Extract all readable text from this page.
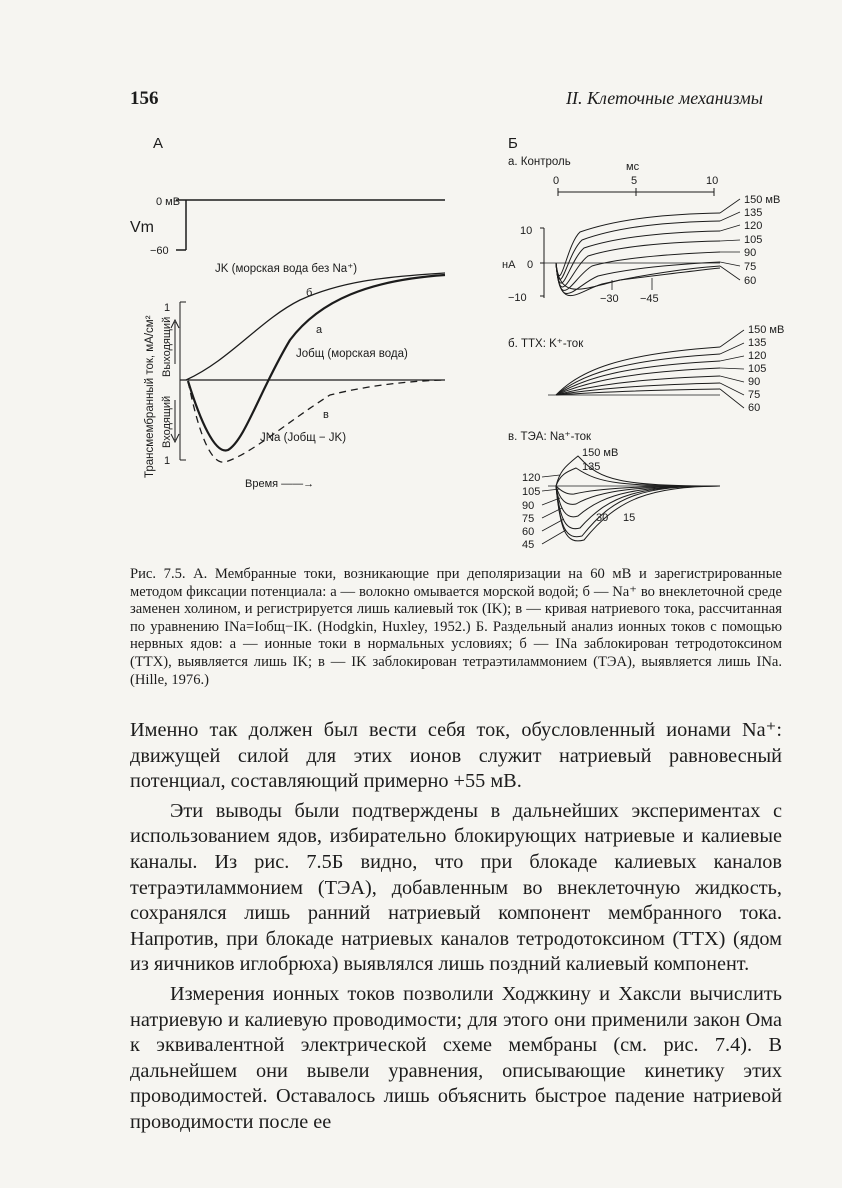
156	II. Клеточные механизмы
А
0 мВ
Vm
−60
Трансмембранный ток, мА/см² Входящий
Выходящий
1
1
JK (морская вода без Na⁺)
б
а
Jобщ (морская вода)
в
JNa (Jобщ − JK)
Время ——→
Б
а. Контроль	мс
0	5	10
10
нА 0
−10	−30 −45
150 мВ
135
120
105
90
75
60
б. TTX: K⁺-ток
150 мВ
135
120
105
90
75
60
в. ТЭА: Na⁺-ток
150 мВ
135
120
105
90
75
60
45
30 15

Рис. 7.5. А. Мембранные токи, возникающие при деполяризации на 60 мВ и зарегистрированные методом фиксации потенциала: а — волокно омывается морской водой; б — Na⁺ во внеклеточной среде заменен холином, и регистрируется лишь калиевый ток (IK); в — кривая натриевого тока, рассчитанная по уравнению INa=Iобщ−IK. (Hodgkin, Huxley, 1952.) Б. Раздельный анализ ионных токов с помощью нервных ядов: а — ионные токи в нормальных условиях; б — INa заблокирован тетродотоксином (TTX), выявляется лишь IK; в — IK заблокирован тетраэтиламмонием (ТЭА), выявляется лишь INa. (Hille, 1976.)

Именно так должен был вести себя ток, обусловленный ионами Na⁺: движущей силой для этих ионов служит натриевый равновесный потенциал, составляющий примерно +55 мВ.

Эти выводы были подтверждены в дальнейших экспериментах с использованием ядов, избирательно блокирующих натриевые и калиевые каналы. Из рис. 7.5Б видно, что при блокаде калиевых каналов тетраэтиламмонием (ТЭА), добавленным во внеклеточную жидкость, сохранялся лишь ранний натриевый компонент мембранного тока. Напротив, при блокаде натриевых каналов тетродотоксином (TTX) (ядом из яичников иглобрюха) выявлялся лишь поздний калиевый компонент.

Измерения ионных токов позволили Ходжкину и Хаксли вычислить натриевую и калиевую проводимости; для этого они применили закон Ома к эквивалентной электрической схеме мембраны (см. рис. 7.4). В дальнейшем они вывели уравнения, описывающие кинетику этих проводимостей. Оставалось лишь объяснить быстрое падение натриевой проводимости после ее
